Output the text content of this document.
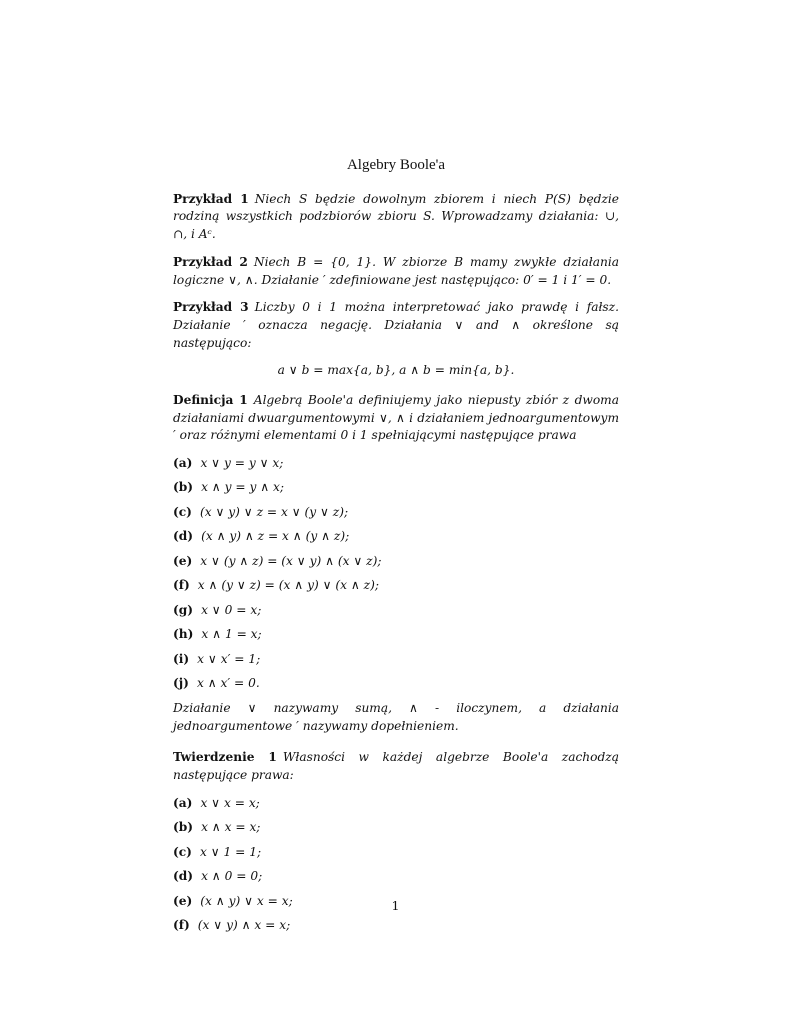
Algebry Boole'a
Przykład 1 Niech S będzie dowolnym zbiorem i niech P(S) będzie rodziną wszystkich podzbiorów zbioru S. Wprowadzamy działania: ∪, ∩, i Aᶜ.
Przykład 2 Niech B = {0, 1}. W zbiorze B mamy zwykłe działania logiczne ∨, ∧. Działanie ′ zdefiniowane jest następująco: 0′ = 1 i 1′ = 0.
Przykład 3 Liczby 0 i 1 można interpretować jako prawdę i fałsz. Działanie ′ oznacza negację. Działania ∨ and ∧ określone są następująco:
a ∨ b = max{a, b}, a ∧ b = min{a, b}.
Definicja 1 Algebrą Boole'a definiujemy jako niepusty zbiór z dwoma działaniami dwuargumentowymi ∨, ∧ i działaniem jednoargumentowym ′ oraz różnymi elementami 0 i 1 spełniającymi następujące prawa
(a) x ∨ y = y ∨ x;
(b) x ∧ y = y ∧ x;
(c) (x ∨ y) ∨ z = x ∨ (y ∨ z);
(d) (x ∧ y) ∧ z = x ∧ (y ∧ z);
(e) x ∨ (y ∧ z) = (x ∨ y) ∧ (x ∨ z);
(f) x ∧ (y ∨ z) = (x ∧ y) ∨ (x ∧ z);
(g) x ∨ 0 = x;
(h) x ∧ 1 = x;
(i) x ∨ x′ = 1;
(j) x ∧ x′ = 0.
Działanie ∨ nazywamy sumą, ∧ - iloczynem, a działania jednoargumentowe ′ nazywamy dopełnieniem.
Twierdzenie 1 Własności w każdej algebrze Boole'a zachodzą następujące prawa:
(a) x ∨ x = x;
(b) x ∧ x = x;
(c) x ∨ 1 = 1;
(d) x ∧ 0 = 0;
(e) (x ∧ y) ∨ x = x;
(f) (x ∨ y) ∧ x = x;
1
